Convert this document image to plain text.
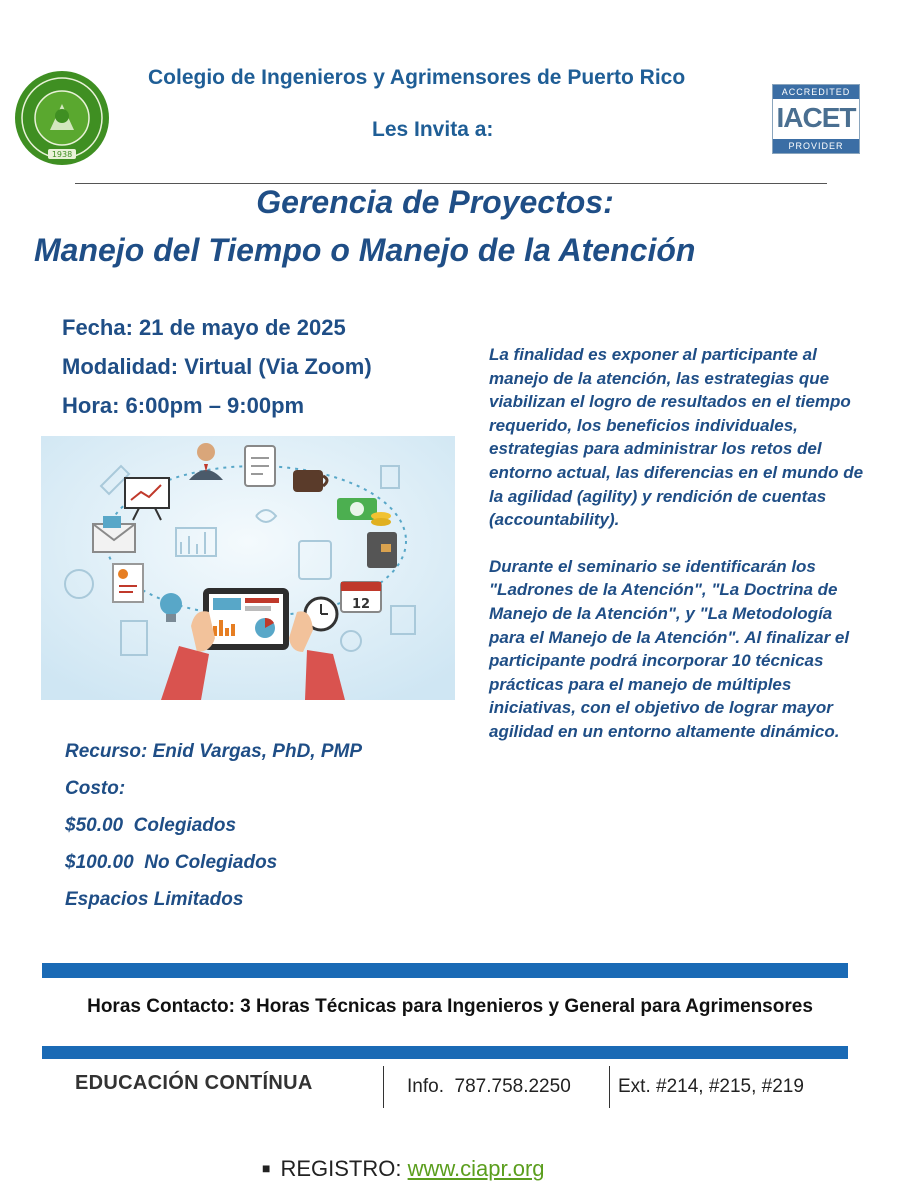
1938
Colegio de Ingenieros y Agrimensores de Puerto Rico
Les Invita a:
ACCREDITED
IACET
PROVIDER
Gerencia de Proyectos:
Manejo del Tiempo o Manejo de la Atención
Fecha: 21 de mayo de 2025
Modalidad: Virtual (Via Zoom)
Hora: 6:00pm – 9:00pm
12

La finalidad es exponer al participante al manejo de la atención, las estrategias que viabilizan el logro de resultados en el tiempo requerido, los beneficios individuales, estrategias para administrar los retos del entorno actual, las diferencias en el mundo de la agilidad (agility) y rendición de cuentas (accountability).

Durante el seminario se identificarán los "Ladrones de la Atención", "La Doctrina de Manejo de la Atención", y "La Metodología para el Manejo de la Atención". Al finalizar el participante podrá incorporar 10 técnicas prácticas para el manejo de múltiples iniciativas, con el objetivo de lograr mayor agilidad en un entorno altamente dinámico.

Recurso: Enid Vargas, PhD, PMP
Costo:
$50.00  Colegiados
$100.00  No Colegiados
Espacios Limitados
Horas Contacto: 3 Horas Técnicas para Ingenieros y General para Agrimensores
EDUCACIÓN CONTÍNUA	Info.  787.758.2250 Ext. #214, #215, #219
■ REGISTRO: www.ciapr.org
